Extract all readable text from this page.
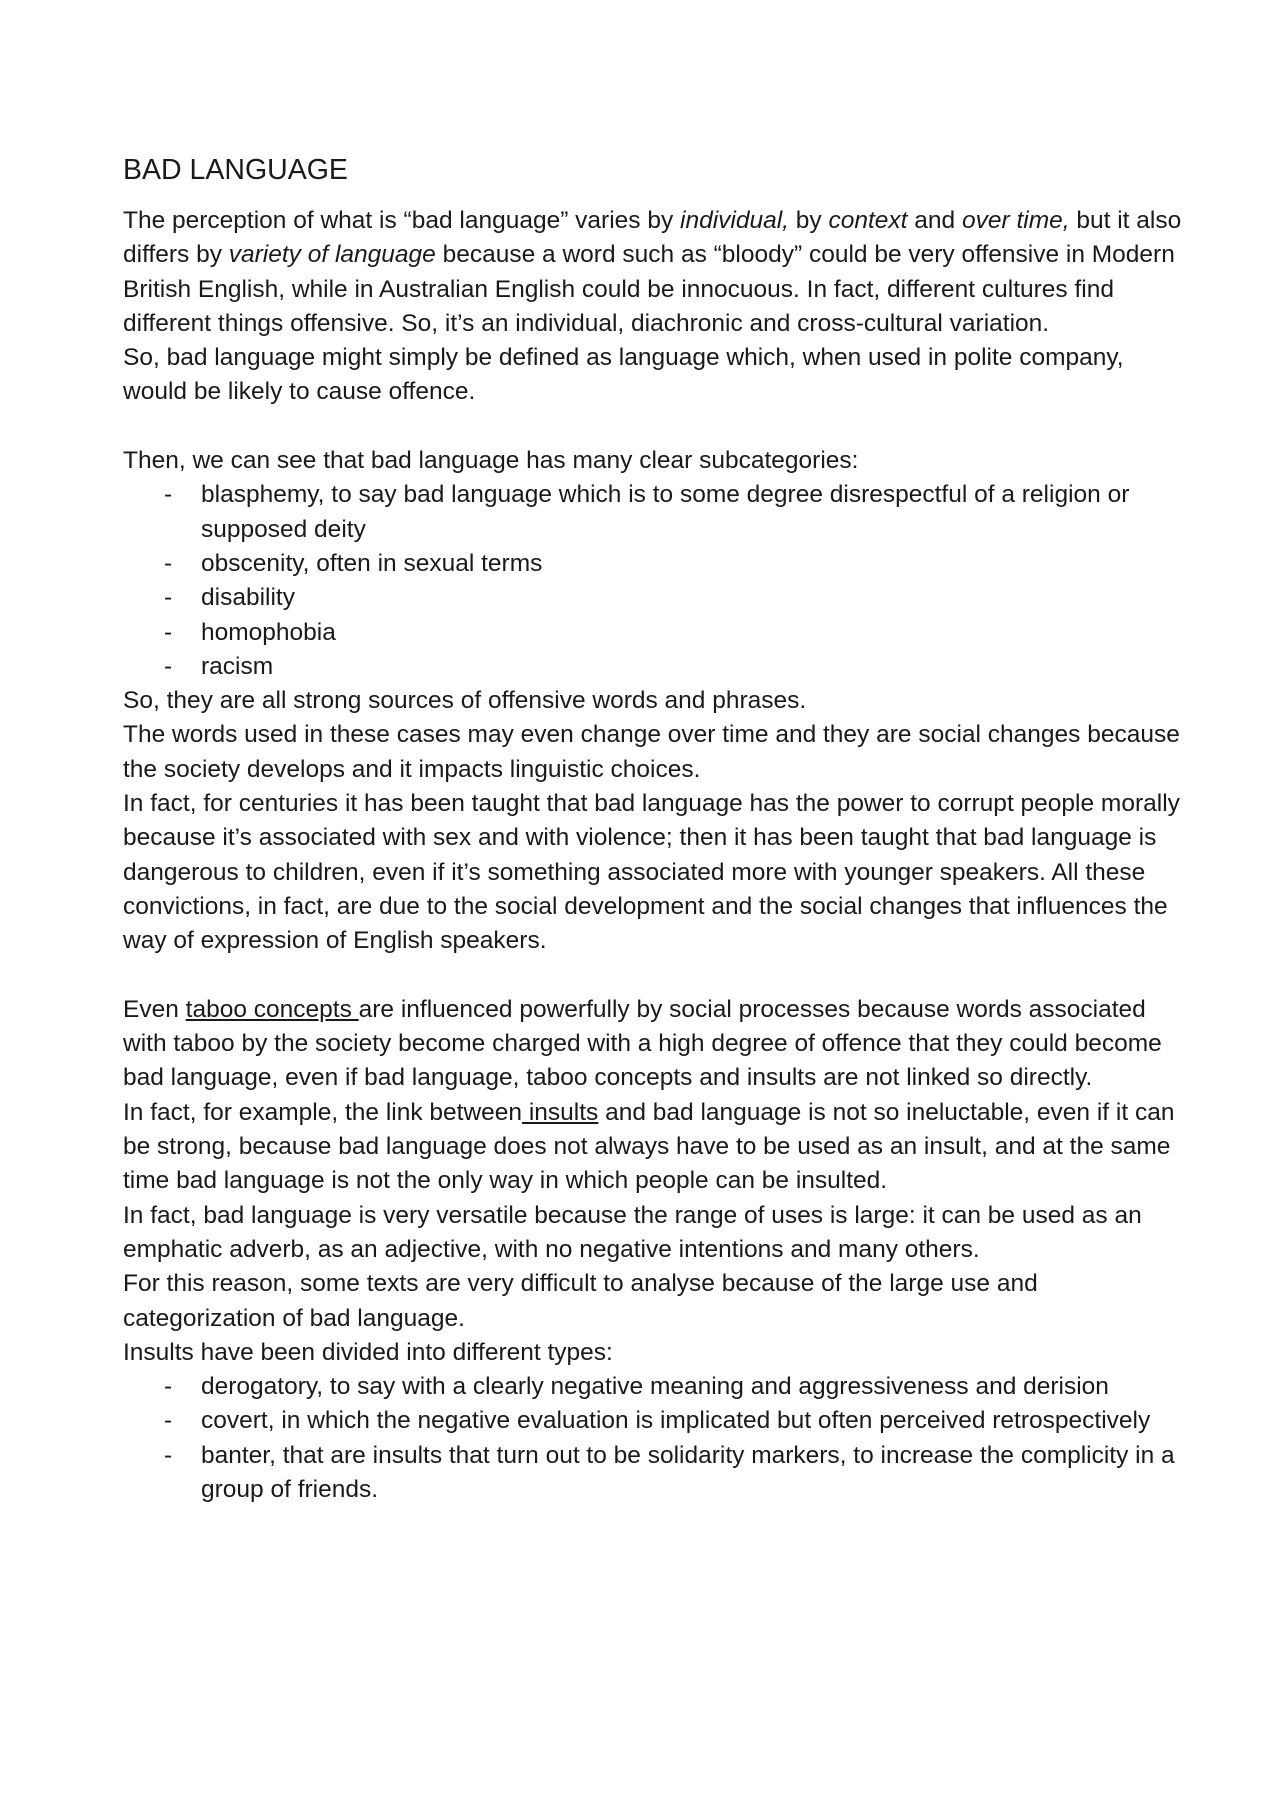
BAD LANGUAGE

The perception of what is “bad language” varies by individual, by context and over time, but it also differs by variety of language because a word such as “bloody” could be very offensive in Modern British English, while in Australian English could be innocuous. In fact, different cultures find different things offensive. So, it’s an individual, diachronic and cross-cultural variation.

So, bad language might simply be defined as language which, when used in polite company, would be likely to cause offence.

Then, we can see that bad language has many clear subcategories:

- blasphemy, to say bad language which is to some degree disrespectful of a religion or supposed deity
- obscenity, often in sexual terms
- disability
- homophobia
- racism

So, they are all strong sources of offensive words and phrases.

The words used in these cases may even change over time and they are social changes because the society develops and it impacts linguistic choices.

In fact, for centuries it has been taught that bad language has the power to corrupt people morally because it’s associated with sex and with violence; then it has been taught that bad language is dangerous to children, even if it’s something associated more with younger speakers. All these convictions, in fact, are due to the social development and the social changes that influences the way of expression of English speakers.

Even taboo concepts are influenced powerfully by social processes because words associated with taboo by the society become charged with a high degree of offence that they could become bad language, even if bad language, taboo concepts and insults are not linked so directly.

In fact, for example, the link between insults and bad language is not so ineluctable, even if it can be strong, because bad language does not always have to be used as an insult, and at the same time bad language is not the only way in which people can be insulted.

In fact, bad language is very versatile because the range of uses is large: it can be used as an emphatic adverb, as an adjective, with no negative intentions and many others.

For this reason, some texts are very difficult to analyse because of the large use and categorization of bad language.

Insults have been divided into different types:

- derogatory, to say with a clearly negative meaning and aggressiveness and derision
- covert, in which the negative evaluation is implicated but often perceived retrospectively
- banter, that are insults that turn out to be solidarity markers, to increase the complicity in a group of friends.
